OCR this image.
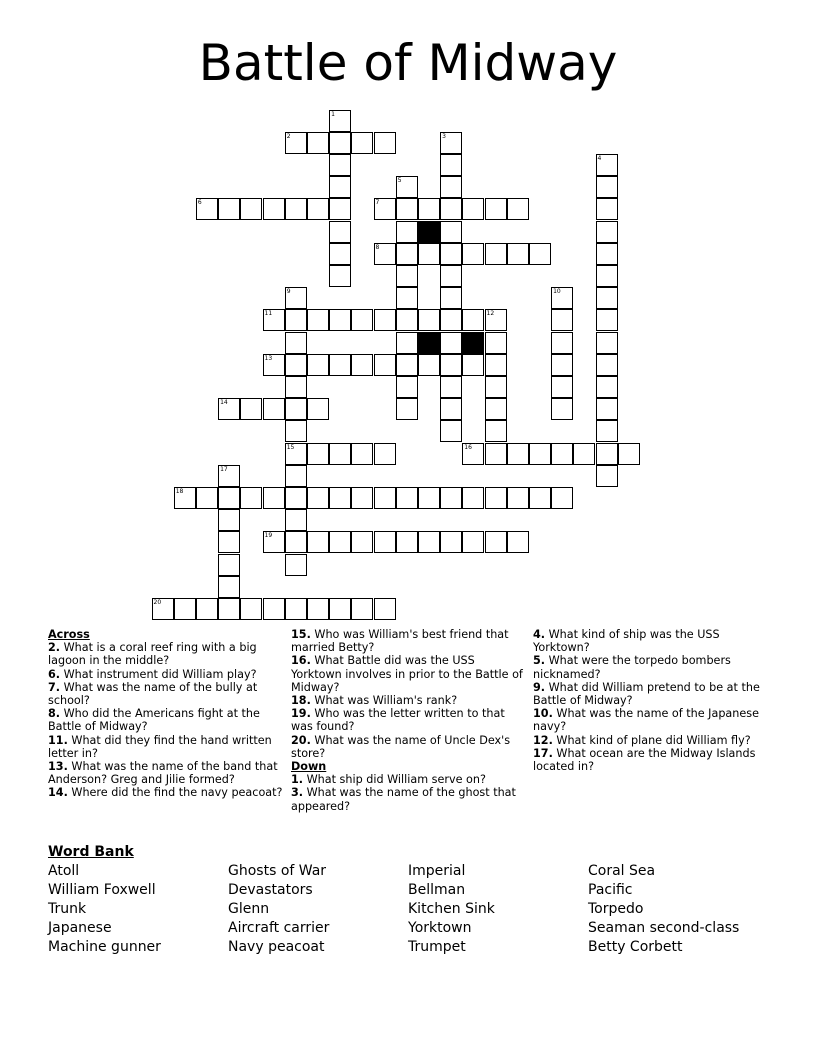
Battle of Midway
1
2	3
4
5
6	7
8
9
15
10
11	12
13
14
16
17
18
19
20
Across
2. What is a coral reef ring with a big lagoon in the middle?
6. What instrument did William play?
7. What was the name of the bully at school?
8. Who did the Americans fight at the Battle of Midway?
11. What did they find the hand written letter in?
13. What was the name of the band that Anderson? Greg and Jilie formed?
14. Where did the find the navy peacoat?
15. Who was William's best friend that married Betty?
16. What Battle did was the USS Yorktown involves in prior to the Battle of Midway?
18. What was William's rank?
19. Who was the letter written to that was found?
20. What was the name of Uncle Dex's store?
Down
1. What ship did William serve on?
3. What was the name of the ghost that appeared?
4. What kind of ship was the USS Yorktown?
5. What were the torpedo bombers nicknamed?
9. What did William pretend to be at the Battle of Midway?
10. What was the name of the Japanese navy?
12. What kind of plane did William fly?
17. What ocean are the Midway Islands located in?
Word Bank
Atoll
William Foxwell
Trunk
Japanese
Machine gunner
Ghosts of War
Devastators
Glenn
Aircraft carrier
Navy peacoat
Imperial
Bellman
Kitchen Sink
Yorktown
Trumpet
Coral Sea
Pacific
Torpedo
Seaman second-class
Betty Corbett
